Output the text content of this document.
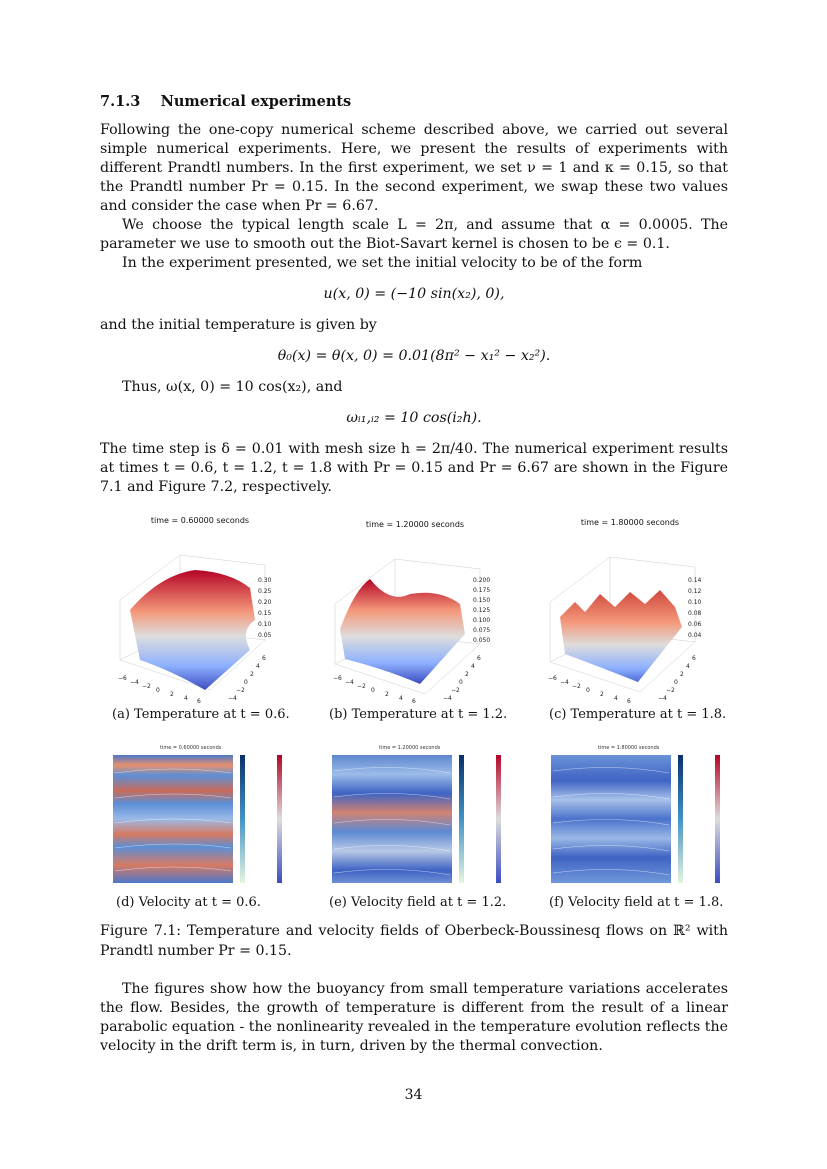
7.1.3 Numerical experiments

Following the one-copy numerical scheme described above, we carried out several simple numerical experiments. Here, we present the results of experiments with different Prandtl numbers. In the first experiment, we set ν = 1 and κ = 0.15, so that the Prandtl number Pr = 0.15. In the second experiment, we swap these two values and consider the case when Pr = 6.67.

We choose the typical length scale L = 2π, and assume that α = 0.0005. The parameter we use to smooth out the Biot-Savart kernel is chosen to be ϵ = 0.1.

In the experiment presented, we set the initial velocity to be of the form

u(x, 0) = (−10 sin(x₂), 0),

and the initial temperature is given by

θ₀(x) = θ(x, 0) = 0.01(8π² − x₁² − x₂²).

Thus, ω(x, 0) = 10 cos(x₂), and

ωᵢ₁,ᵢ₂ = 10 cos(i₂h).

The time step is δ = 0.01 with mesh size h = 2π/40. The numerical experiment results at times t = 0.6, t = 1.2, t = 1.8 with Pr = 0.15 and Pr = 6.67 are shown in the Figure 7.1 and Figure 7.2, respectively.

time = 0.60000 seconds
0.30
0.25
0.20
0.15
0.10
0.05
−6
−4
−2
0
2
4 6
6
4
2
0
−2
−4
time = 1.20000 seconds
0.200
0.175
0.150
0.125
0.100
0.075
0.050
−6
−4
−2
0
2
4 6
6
4
2
0
−2
−4
time = 1.80000 seconds
0.14
0.12
0.10
0.08
0.06
0.04
−6
−4
−2
0
2
4 6
6
4
2
0
−2
−4
(a) Temperature at t = 0.6.	(b) Temperature at t = 1.2.	(c) Temperature at t = 1.8.
time = 0.60000 seconds	time = 1.20000 seconds	time = 1.80000 seconds
(d) Velocity at t = 0.6.	(e) Velocity field at t = 1.2.	(f) Velocity field at t = 1.8.
Figure 7.1: Temperature and velocity fields of Oberbeck-Boussinesq flows on ℝ² with Prandtl number Pr = 0.15.

The figures show how the buoyancy from small temperature variations accelerates the flow. Besides, the growth of temperature is different from the result of a linear parabolic equation - the nonlinearity revealed in the temperature evolution reflects the velocity in the drift term is, in turn, driven by the thermal convection.

34
